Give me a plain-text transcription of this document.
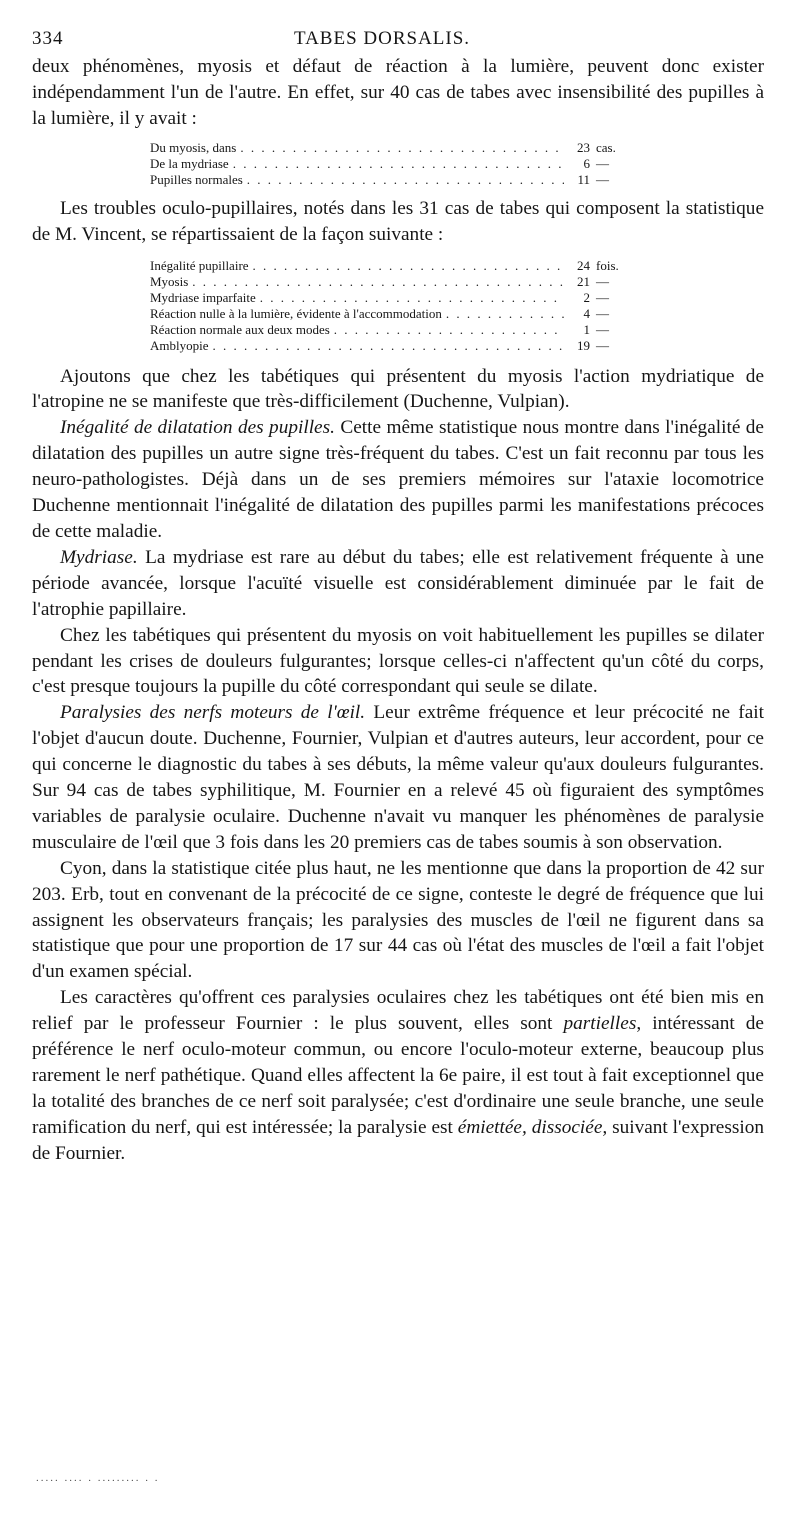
334	TABES DORSALIS.

deux phénomènes, myosis et défaut de réaction à la lumière, peuvent donc exister indépendamment l'un de l'autre. En effet, sur 40 cas de tabes avec insensibilité des pupilles à la lumière, il y avait :

Du myosis, dans . . .	23 cas.
De la mydriase . . .	6 —
Pupilles normales . . .	11 —

Les troubles oculo-pupillaires, notés dans les 31 cas de tabes qui composent la statistique de M. Vincent, se répartissaient de la façon suivante :

Inégalité pupillaire . . .	24 fois.
Myosis . . .	21 —
Mydriase imparfaite . . .	2 —
Réaction nulle à la lumière, évidente à l'accommodation . . .	4 —
Réaction normale aux deux modes . . .	1 —
Amblyopie . . .	19 —

Ajoutons que chez les tabétiques qui présentent du myosis l'action mydriatique de l'atropine ne se manifeste que très-difficilement (Duchenne, Vulpian).

Inégalité de dilatation des pupilles. Cette même statistique nous montre dans l'inégalité de dilatation des pupilles un autre signe très-fréquent du tabes. C'est un fait reconnu par tous les neuro-pathologistes. Déjà dans un de ses premiers mémoires sur l'ataxie locomotrice Duchenne mentionnait l'inégalité de dilatation des pupilles parmi les manifestations précoces de cette maladie.

Mydriase. La mydriase est rare au début du tabes; elle est relativement fréquente à une période avancée, lorsque l'acuïté visuelle est considérablement diminuée par le fait de l'atrophie papillaire.

Chez les tabétiques qui présentent du myosis on voit habituellement les pupilles se dilater pendant les crises de douleurs fulgurantes; lorsque celles-ci n'affectent qu'un côté du corps, c'est presque toujours la pupille du côté correspondant qui seule se dilate.

Paralysies des nerfs moteurs de l'œil. Leur extrême fréquence et leur précocité ne fait l'objet d'aucun doute. Duchenne, Fournier, Vulpian et d'autres auteurs, leur accordent, pour ce qui concerne le diagnostic du tabes à ses débuts, la même valeur qu'aux douleurs fulgurantes. Sur 94 cas de tabes syphilitique, M. Fournier en a relevé 45 où figuraient des symptômes variables de paralysie oculaire. Duchenne n'avait vu manquer les phénomènes de paralysie musculaire de l'œil que 3 fois dans les 20 premiers cas de tabes soumis à son observation.

Cyon, dans la statistique citée plus haut, ne les mentionne que dans la proportion de 42 sur 203. Erb, tout en convenant de la précocité de ce signe, conteste le degré de fréquence que lui assignent les observateurs français; les paralysies des muscles de l'œil ne figurent dans sa statistique que pour une proportion de 17 sur 44 cas où l'état des muscles de l'œil a fait l'objet d'un examen spécial.

Les caractères qu'offrent ces paralysies oculaires chez les tabétiques ont été bien mis en relief par le professeur Fournier : le plus souvent, elles sont partielles, intéressant de préférence le nerf oculo-moteur commun, ou encore l'oculo-moteur externe, beaucoup plus rarement le nerf pathétique. Quand elles affectent la 6e paire, il est tout à fait exceptionnel que la totalité des branches de ce nerf soit paralysée; c'est d'ordinaire une seule branche, une seule ramification du nerf, qui est intéressée; la paralysie est émiettée, dissociée, suivant l'expression de Fournier.

..... .... . ......... . .
